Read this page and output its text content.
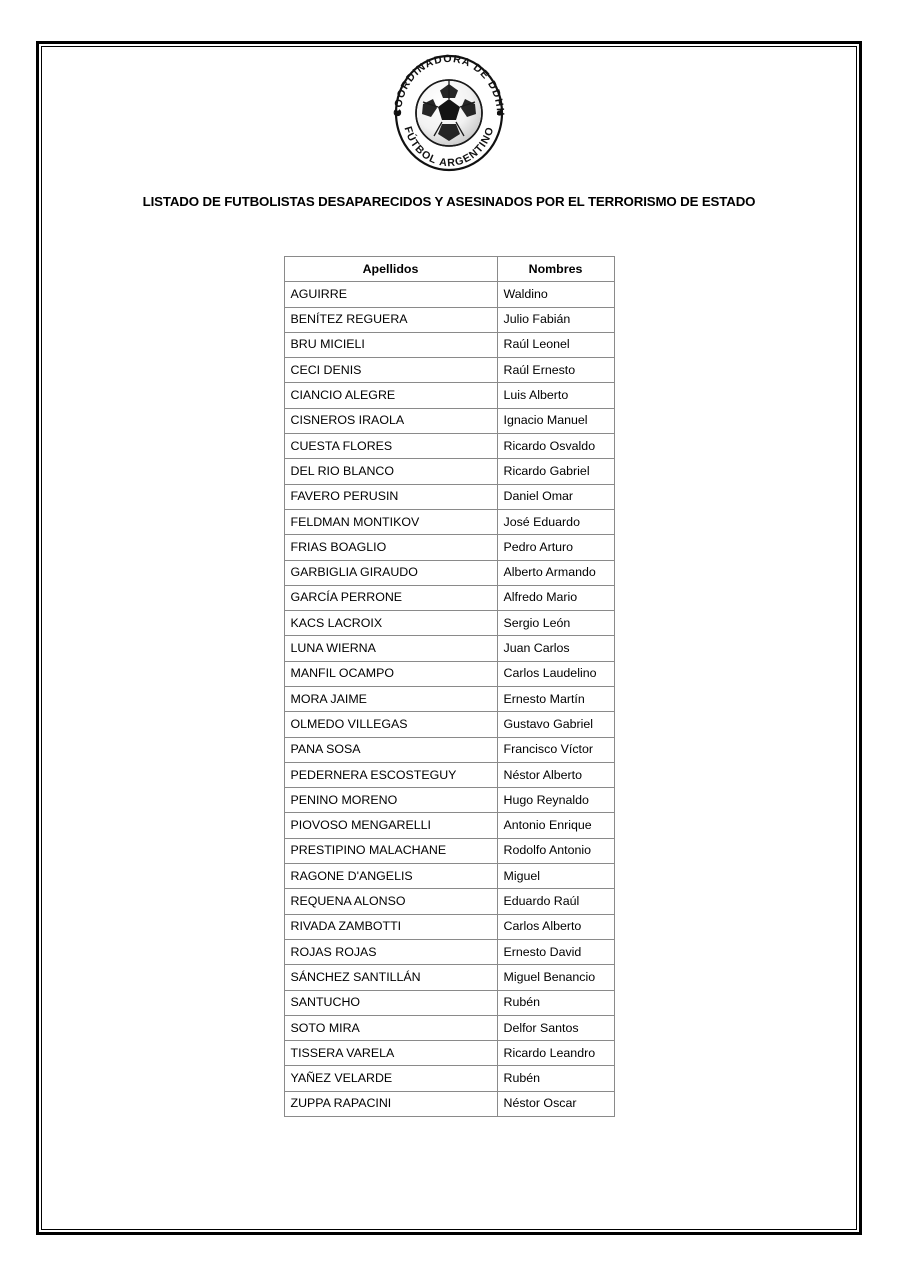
COORDINADORA DE DDHH
FÚTBOL ARGENTINO
LISTADO DE FUTBOLISTAS DESAPARECIDOS Y ASESINADOS POR EL TERRORISMO DE ESTADO
Apellidos	Nombres
AGUIRRE	Waldino
BENÍTEZ REGUERA	Julio Fabián
BRU MICIELI	Raúl Leonel
CECI DENIS	Raúl Ernesto
CIANCIO ALEGRE	Luis Alberto
CISNEROS IRAOLA	Ignacio Manuel
CUESTA FLORES	Ricardo Osvaldo
DEL RIO BLANCO	Ricardo Gabriel
FAVERO PERUSIN	Daniel Omar
FELDMAN MONTIKOV	José Eduardo
FRIAS BOAGLIO	Pedro Arturo
GARBIGLIA GIRAUDO	Alberto Armando
GARCÍA PERRONE	Alfredo Mario
KACS LACROIX	Sergio León
LUNA WIERNA	Juan Carlos
MANFIL OCAMPO	Carlos Laudelino
MORA JAIME	Ernesto Martín
OLMEDO VILLEGAS	Gustavo Gabriel
PANA SOSA	Francisco Víctor
PEDERNERA ESCOSTEGUY	Néstor Alberto
PENINO MORENO	Hugo Reynaldo
PIOVOSO MENGARELLI	Antonio Enrique
PRESTIPINO MALACHANE	Rodolfo Antonio
RAGONE D'ANGELIS	Miguel
REQUENA ALONSO	Eduardo Raúl
RIVADA ZAMBOTTI	Carlos Alberto
ROJAS ROJAS	Ernesto David
SÁNCHEZ SANTILLÁN	Miguel Benancio
SANTUCHO	Rubén
SOTO MIRA	Delfor Santos
TISSERA VARELA	Ricardo Leandro
YAÑEZ VELARDE	Rubén
ZUPPA RAPACINI	Néstor Oscar
